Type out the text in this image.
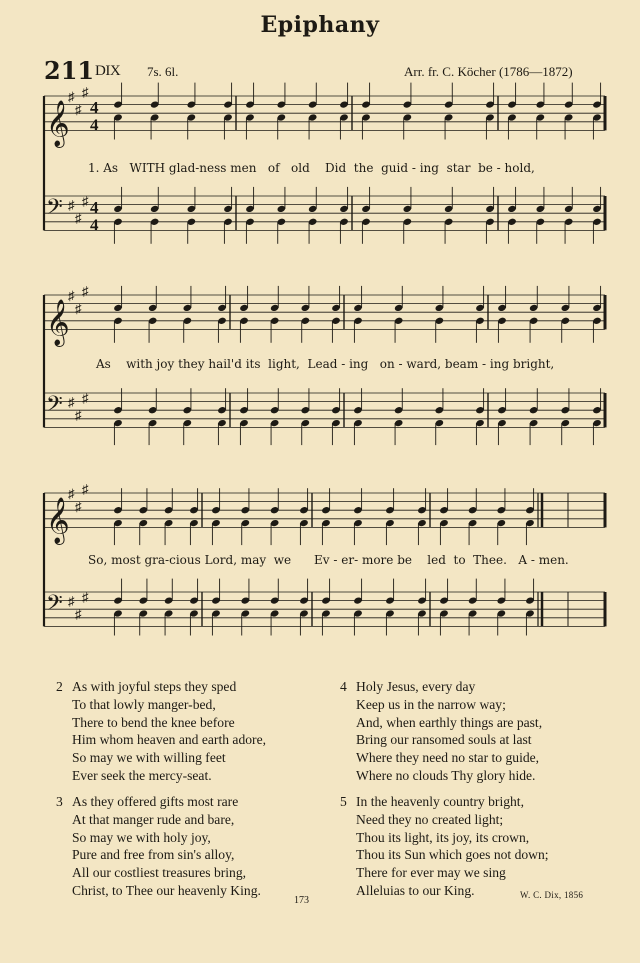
Epiphany
211 DIX 7s. 6l.	Arr. fr. C. Köcher (1786—1872)
𝄞
♯
♯
♯
4
4
𝄢 ♯
♯
♯ 4
4
𝄞
♯
♯
♯
𝄢 ♯
♯
♯
𝄞
♯
♯
♯
𝄢 ♯
♯
♯
1. As   WITH glad-ness men   of   old    Did  the  guid - ing  star  be - hold,
As    with joy they hail'd its  light,  Lead - ing   on - ward, beam - ing bright,
So, most gra-cious Lord, may  we      Ev - er- more be    led  to  Thee.   A - men.
2 As with joyful steps they sped
To that lowly manger-bed,
There to bend the knee before
Him whom heaven and earth adore,
So may we with willing feet
Ever seek the mercy-seat.
3 As they offered gifts most rare
At that manger rude and bare,
So may we with holy joy,
Pure and free from sin's alloy,
All our costliest treasures bring,
Christ, to Thee our heavenly King.
4 Holy Jesus, every day
Keep us in the narrow way;
And, when earthly things are past,
Bring our ransomed souls at last
Where they need no star to guide,
Where no clouds Thy glory hide.
5 In the heavenly country bright,
Need they no created light;
Thou its light, its joy, its crown,
Thou its Sun which goes not down;
There for ever may we sing
Alleluias to our King.
173	W. C. Dix, 1856
